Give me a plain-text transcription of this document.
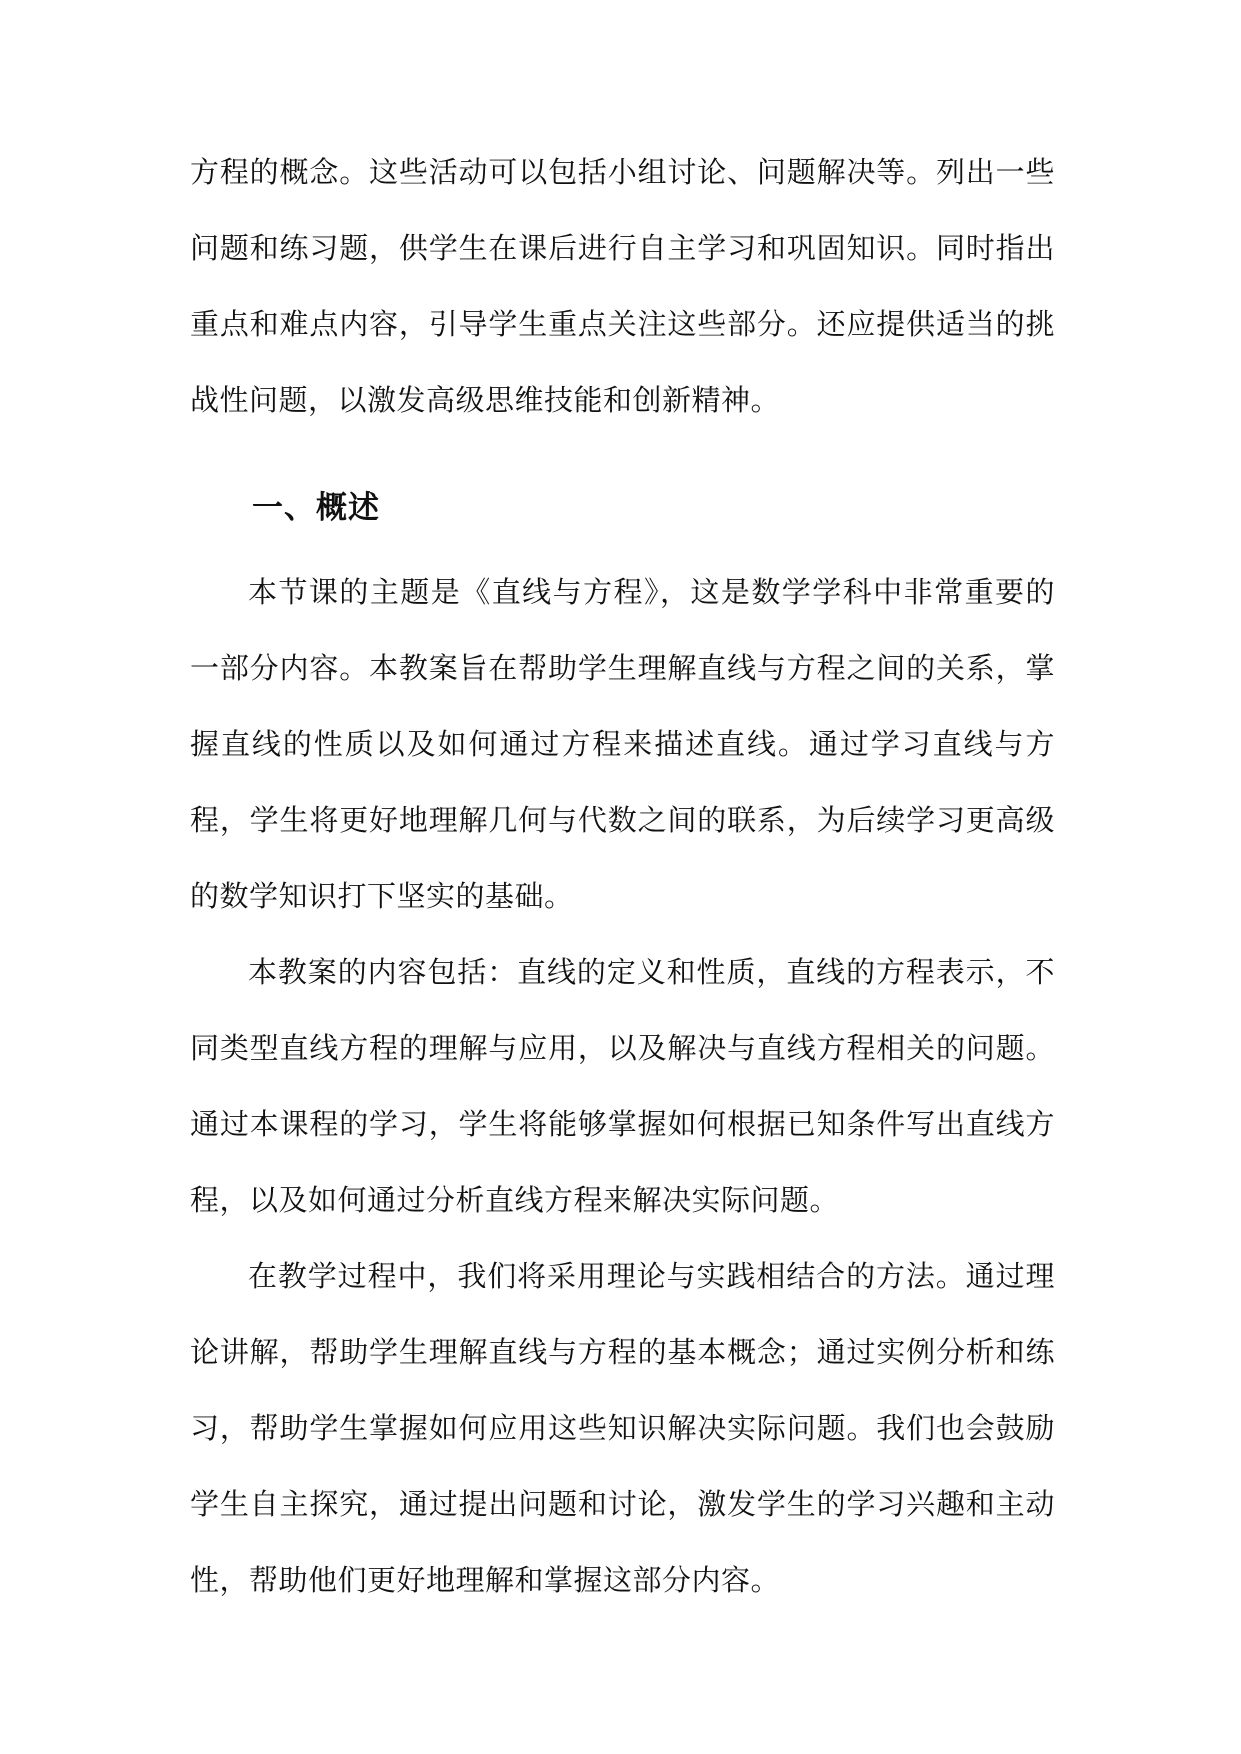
方程的概念。这些活动可以包括小组讨论、问题解决等。列出一些问题和练习题，供学生在课后进行自主学习和巩固知识。同时指出重点和难点内容，引导学生重点关注这些部分。还应提供适当的挑战性问题，以激发高级思维技能和创新精神。

一、概述

本节课的主题是《直线与方程》，这是数学学科中非常重要的一部分内容。本教案旨在帮助学生理解直线与方程之间的关系，掌握直线的性质以及如何通过方程来描述直线。通过学习直线与方程，学生将更好地理解几何与代数之间的联系，为后续学习更高级的数学知识打下坚实的基础。

本教案的内容包括：直线的定义和性质，直线的方程表示，不同类型直线方程的理解与应用，以及解决与直线方程相关的问题。通过本课程的学习，学生将能够掌握如何根据已知条件写出直线方程，以及如何通过分析直线方程来解决实际问题。

在教学过程中，我们将采用理论与实践相结合的方法。通过理论讲解，帮助学生理解直线与方程的基本概念；通过实例分析和练习，帮助学生掌握如何应用这些知识解决实际问题。我们也会鼓励学生自主探究，通过提出问题和讨论，激发学生的学习兴趣和主动性，帮助他们更好地理解和掌握这部分内容。
